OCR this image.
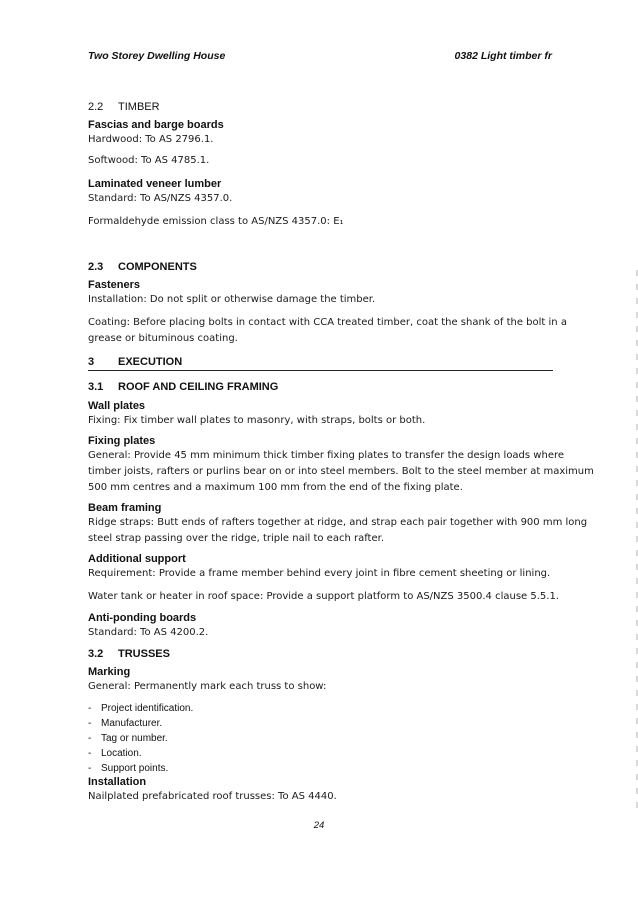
Two Storey Dwelling House	0382 Light timber fr
2.2 TIMBER
Fascias and barge boards
Hardwood: To AS 2796.1.
Softwood: To AS 4785.1.
Laminated veneer lumber
Standard: To AS/NZS 4357.0.
Formaldehyde emission class to AS/NZS 4357.0: E₁
2.3 COMPONENTS
Fasteners
Installation: Do not split or otherwise damage the timber.
Coating: Before placing bolts in contact with CCA treated timber, coat the shank of the bolt in a
grease or bituminous coating.
3 EXECUTION
3.1 ROOF AND CEILING FRAMING
Wall plates
Fixing: Fix timber wall plates to masonry, with straps, bolts or both.
Fixing plates
General: Provide 45 mm minimum thick timber fixing plates to transfer the design loads where
timber joists, rafters or purlins bear on or into steel members. Bolt to the steel member at maximum
500 mm centres and a maximum 100 mm from the end of the fixing plate.
Beam framing
Ridge straps: Butt ends of rafters together at ridge, and strap each pair together with 900 mm long
steel strap passing over the ridge, triple nail to each rafter.
Additional support
Requirement: Provide a frame member behind every joint in fibre cement sheeting or lining.
Water tank or heater in roof space: Provide a support platform to AS/NZS 3500.4 clause 5.5.1.
Anti-ponding boards
Standard: To AS 4200.2.
3.2 TRUSSES
Marking
General: Permanently mark each truss to show:
- Project identification.
- Manufacturer.
- Tag or number.
- Location.
- Support points.
Installation
Nailplated prefabricated roof trusses: To AS 4440.
24
